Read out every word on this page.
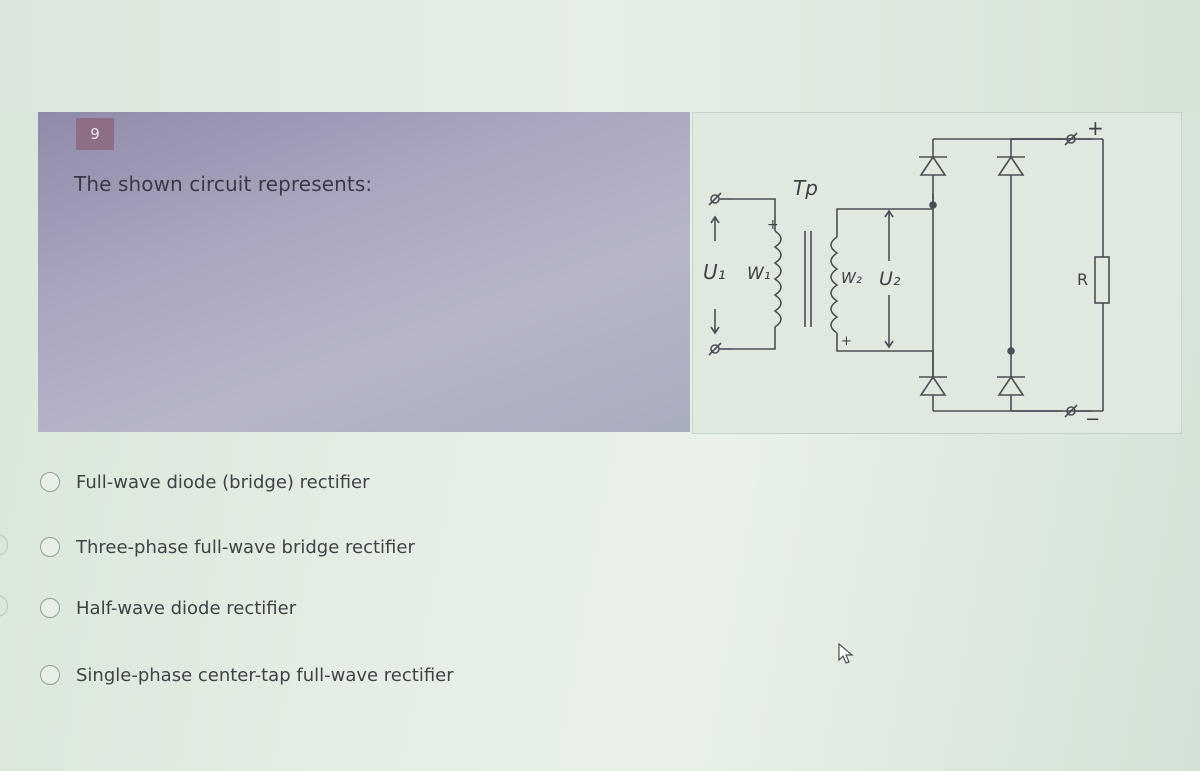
9
The shown circuit represents:
U₁ W₁
+
Tp
W₂
+
U₂	R
+
−
Full-wave diode (bridge) rectifier
Three-phase full-wave bridge rectifier
Half-wave diode rectifier
Single-phase center-tap full-wave rectifier
